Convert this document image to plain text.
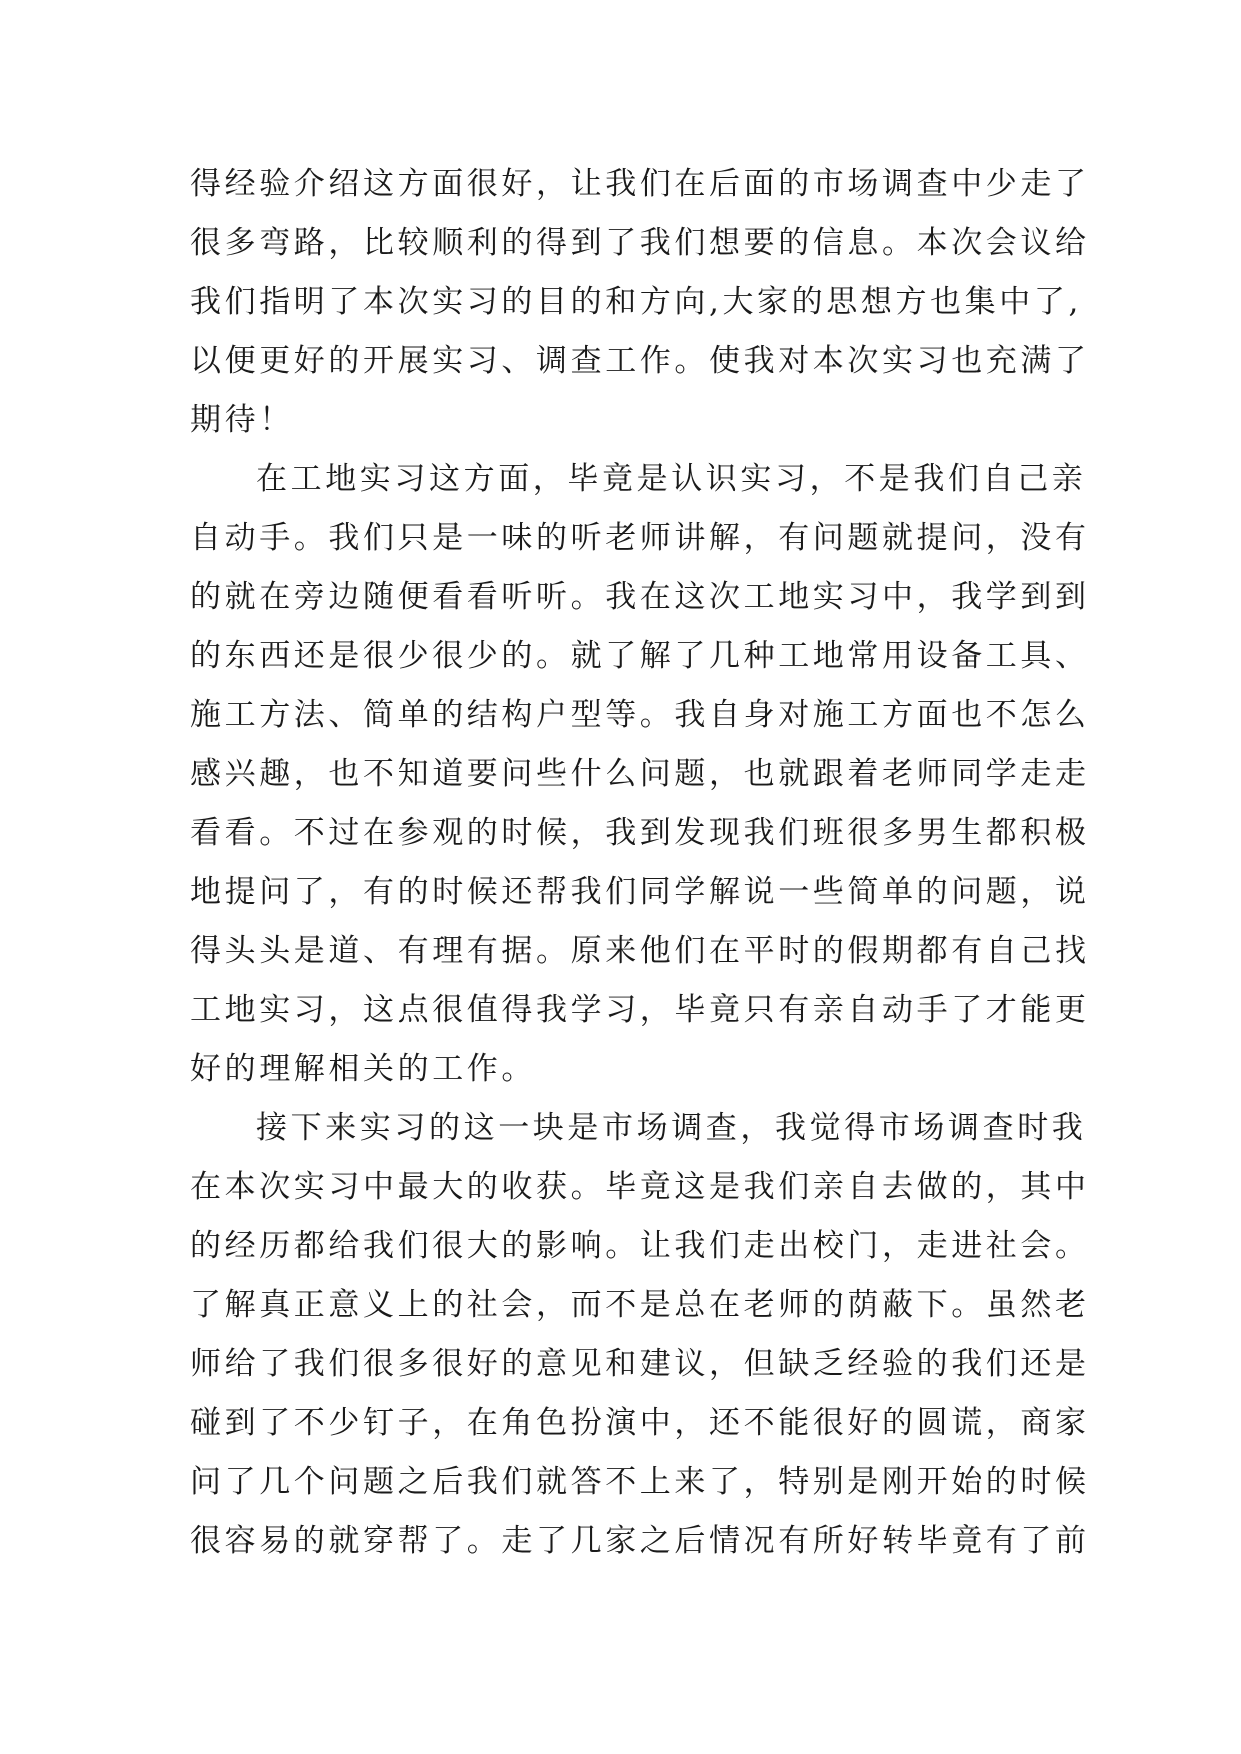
得经验介绍这方面很好，让我们在后面的市场调查中少走了
很多弯路，比较顺利的得到了我们想要的信息。本次会议给
我们指明了本次实习的目的和方向,大家的思想方也集中了,
以便更好的开展实习、调查工作。使我对本次实习也充满了
期待！
在工地实习这方面，毕竟是认识实习，不是我们自己亲
自动手。我们只是一味的听老师讲解，有问题就提问，没有
的就在旁边随便看看听听。我在这次工地实习中，我学到到
的东西还是很少很少的。就了解了几种工地常用设备工具、
施工方法、简单的结构户型等。我自身对施工方面也不怎么
感兴趣，也不知道要问些什么问题，也就跟着老师同学走走
看看。不过在参观的时候，我到发现我们班很多男生都积极
地提问了，有的时候还帮我们同学解说一些简单的问题，说
得头头是道、有理有据。原来他们在平时的假期都有自己找
工地实习，这点很值得我学习，毕竟只有亲自动手了才能更
好的理解相关的工作。
接下来实习的这一块是市场调查，我觉得市场调查时我
在本次实习中最大的收获。毕竟这是我们亲自去做的，其中
的经历都给我们很大的影响。让我们走出校门，走进社会。
了解真正意义上的社会，而不是总在老师的荫蔽下。虽然老
师给了我们很多很好的意见和建议，但缺乏经验的我们还是
碰到了不少钉子，在角色扮演中，还不能很好的圆谎，商家
问了几个问题之后我们就答不上来了，特别是刚开始的时候
很容易的就穿帮了。走了几家之后情况有所好转毕竟有了前
